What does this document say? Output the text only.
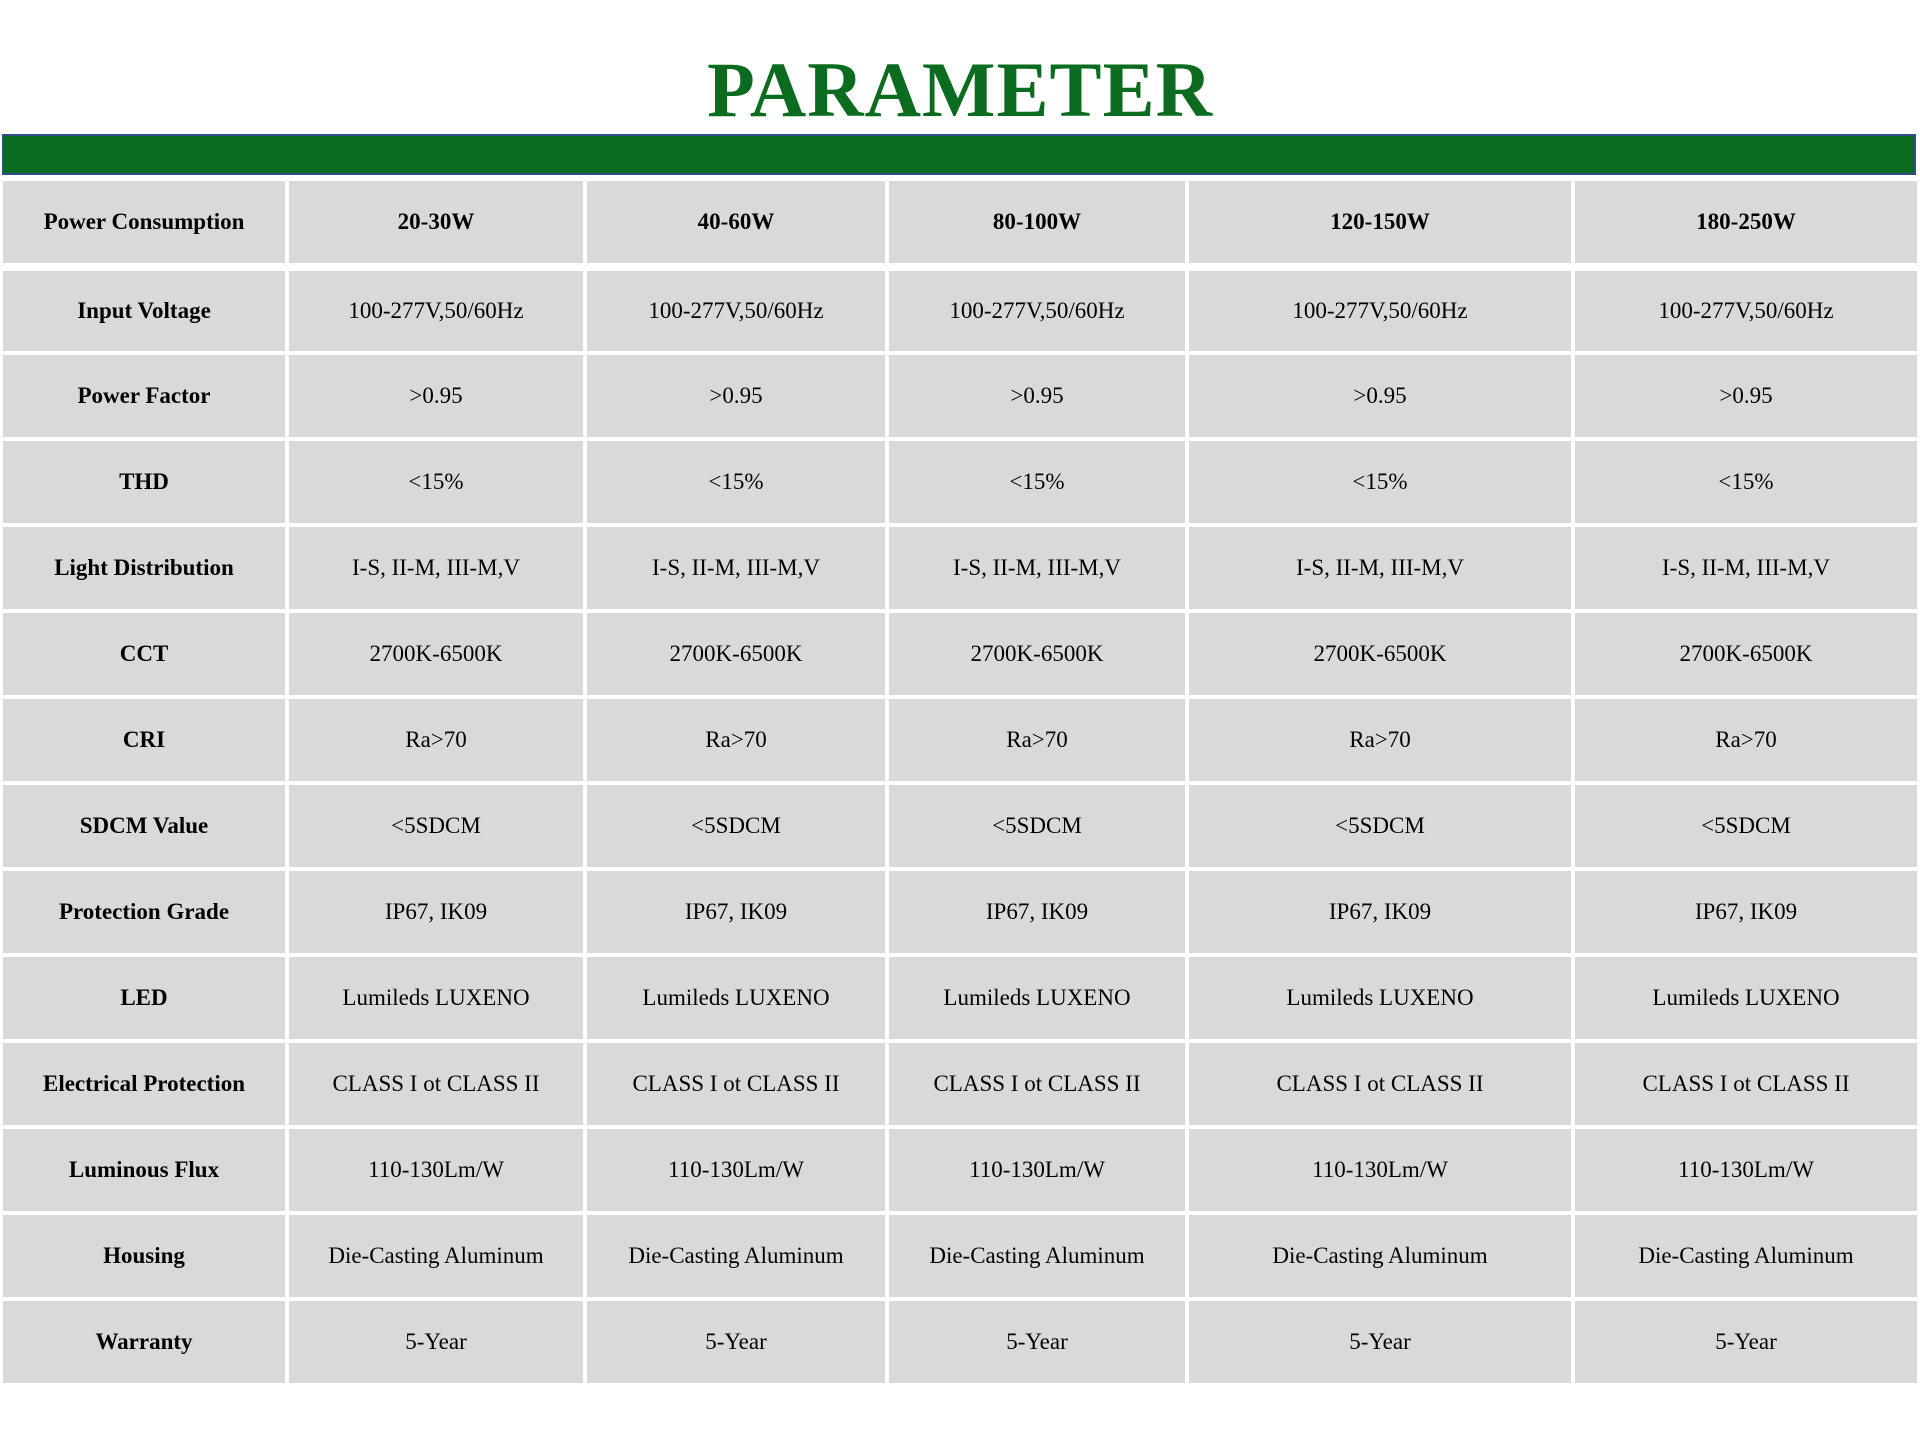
PARAMETER
Power Consumption	20-30W	40-60W	80-100W	120-150W	180-250W
Input Voltage	100-277V,50/60Hz	100-277V,50/60Hz	100-277V,50/60Hz	100-277V,50/60Hz	100-277V,50/60Hz
Power Factor	>0.95	>0.95	>0.95	>0.95	>0.95
THD	<15%	<15%	<15%	<15%	<15%
Light Distribution	I-S, II-M, III-M,V	I-S, II-M, III-M,V	I-S, II-M, III-M,V	I-S, II-M, III-M,V	I-S, II-M, III-M,V
CCT	2700K-6500K	2700K-6500K	2700K-6500K	2700K-6500K	2700K-6500K
CRI	Ra>70	Ra>70	Ra>70	Ra>70	Ra>70
SDCM Value	<5SDCM	<5SDCM	<5SDCM	<5SDCM	<5SDCM
Protection Grade	IP67, IK09	IP67, IK09	IP67, IK09	IP67, IK09	IP67, IK09
LED	Lumileds LUXENO	Lumileds LUXENO	Lumileds LUXENO	Lumileds LUXENO	Lumileds LUXENO
Electrical Protection	CLASS I ot CLASS II	CLASS I ot CLASS II	CLASS I ot CLASS II	CLASS I ot CLASS II	CLASS I ot CLASS II
Luminous Flux	110-130Lm/W	110-130Lm/W	110-130Lm/W	110-130Lm/W	110-130Lm/W
Housing	Die-Casting Aluminum	Die-Casting Aluminum	Die-Casting Aluminum	Die-Casting Aluminum	Die-Casting Aluminum
Warranty	5-Year	5-Year	5-Year	5-Year	5-Year
